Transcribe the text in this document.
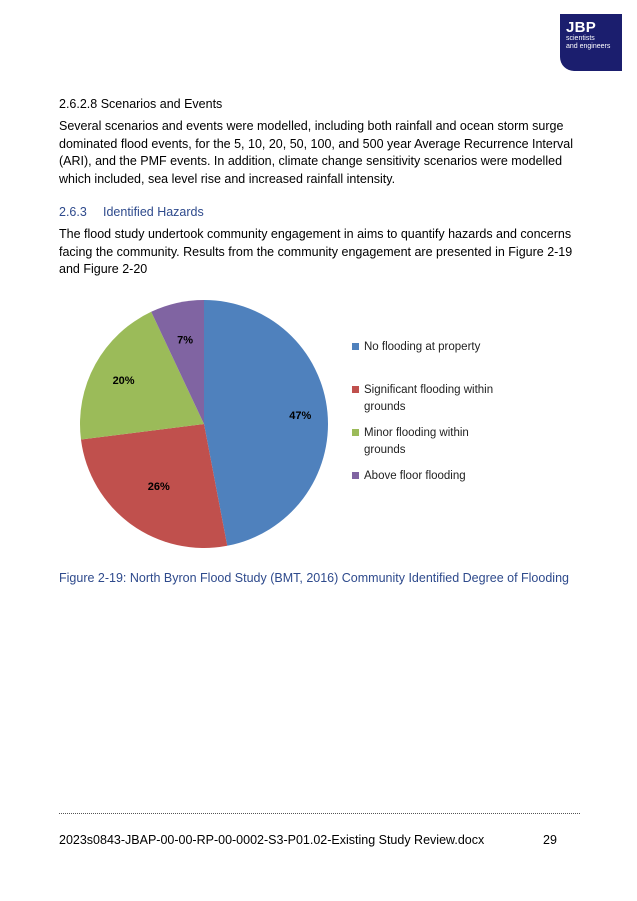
JBP
scientists
and engineers
2.6.2.8 Scenarios and Events
Several scenarios and events were modelled, including both rainfall and ocean storm surge dominated flood events, for the 5, 10, 20, 50, 100, and 500 year Average Recurrence Interval (ARI), and the PMF events. In addition, climate change sensitivity scenarios were modelled which included, sea level rise and increased rainfall intensity.
2.6.3 Identified Hazards
The flood study undertook community engagement in aims to quantify hazards and concerns facing the community. Results from the community engagement are presented in Figure 2-19 and Figure 2-20
47%
26%
20%
7%
No flooding at property
Significant flooding within
grounds
Minor flooding within
grounds
Above floor flooding
Figure 2-19: North Byron Flood Study (BMT, 2016) Community Identified Degree of Flooding
2023s0843-JBAP-00-00-RP-00-0002-S3-P01.02-Existing Study Review.docx	29
